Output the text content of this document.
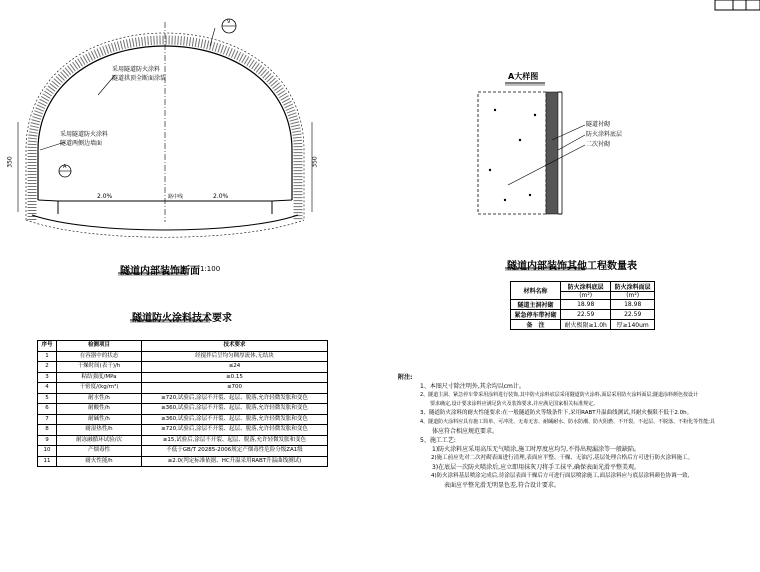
采用隧道防火涂料
隧道拱顶全断面涂装
采用隧道防火涂料
隧道两侧边墙面
A
9
2.0%	2.0%
路中线
350	350
隧道内部装饰断面 1:100
隧道防火涂料技术要求
序号	检测项目	技术要求
1	在容器中的状态	经搅拌后呈均匀稠厚流体,无结块
2	干燥时间(表干)/h	≤24
3	粘结强度/MPa	≥0.15
4	干密度/(kg/m³)	≤700
5	耐水性/h	≥720,试验后,涂层不开裂、起层、脱落,允许轻微发胀和变色
6	耐酸性/h	≥360,试验后,涂层不开裂、起层、脱落,允许轻微发胀和变色
7	耐碱性/h	≥360,试验后,涂层不开裂、起层、脱落,允许轻微发胀和变色
8	耐湿热性/h	≥720,试验后,涂层不开裂、起层、脱落,允许轻微发胀和变色
9	耐冻融循环试验/次	≥15,试验后,涂层不开裂、起层、脱落,允许轻微发胀和变色
10	产烟毒性	不低于GB/T 20285-2006规定产烟毒性危险分级ZA1级
11	耐火性能/h	≥2.0(判定标准依据、HC升温采用RABT升温曲线测试)
A大样图
隧道衬砌
防火涂料底层
二次衬砌
隧道内部装饰其他工程数量表
材料名称	防火涂料底层	防火涂料面层
	(m²)	(m²)
隧道主洞衬砌	18.98	18.98
紧急停车带衬砌	22.59	22.59
备　注	耐火极限≥1.0h	厚≥140um
附注:
1、本图尺寸除注明外,其余均以cm计。
2、隧道主洞、紧急停车带采用涂料进行装饰,其中防火涂料底层采用隧道防火涂料,面层采用防火涂料面层;隧道涂料颜色按设计
　　要求确定,设计要求涂料应满足防火及装饰要求,并应满足国家相关标准规定。
3、隧道防火涂料的耐火性能要求:在一般隧道防火等级条件下,采用RABT升温曲线测试,其耐火极限不低于2.0h。
4、隧道防火涂料应具有施工简单、可冲洗、无毒无害、耐碱耐水、防水防潮、防火阻燃、不开裂、不起层、不脱落、不粉化等性能;具
　　体应符合相应规范要求。
5、施工工艺:
　　1)防火涂料应采用高压无气喷涂,施工时厚度应均匀,不得出现漏涂等一般缺陷。
　　2)施工前应先对二次衬砌表面进行清理,表面应平整、干燥、无油污,基层处理合格后方可进行防火涂料施工。
　　3)在底层一次防火喷涂后,应立即用抹灰刀将手工抹平,确保表面光滑平整美观。
　　4)防火涂料基层喷涂完成后,待涂层表面干燥后方可进行面层喷涂施工,面层涂料应与底层涂料颜色协调一致,
　　　　表面应平整光滑无明显色差,符合设计要求。
